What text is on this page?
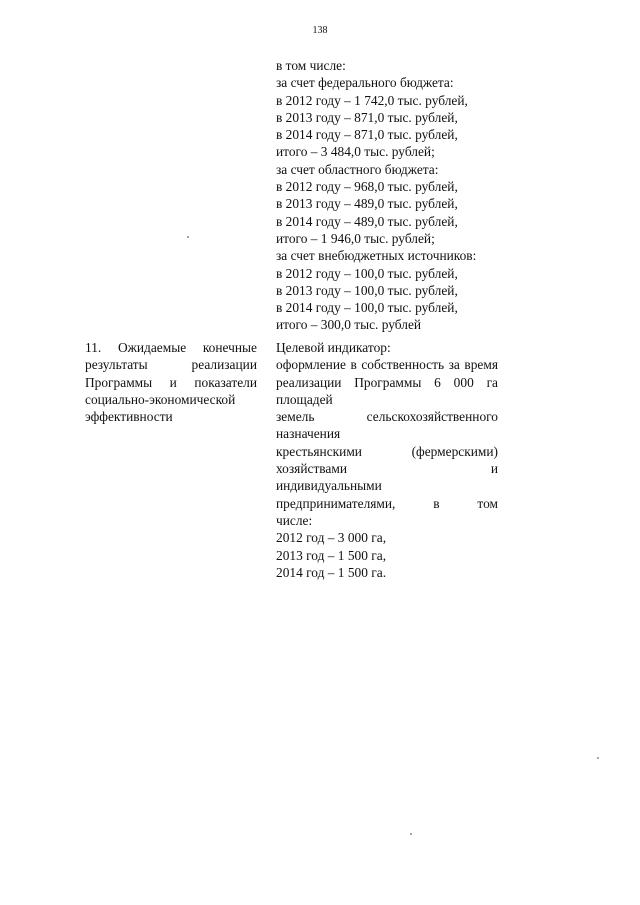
138
в том числе:
за счет федерального бюджета:
в 2012 году – 1 742,0 тыс. рублей,
в 2013 году – 871,0 тыс. рублей,
в 2014 году – 871,0 тыс. рублей,
итого – 3 484,0 тыс. рублей;
за счет областного бюджета:
в 2012 году – 968,0 тыс. рублей,
в 2013 году – 489,0 тыс. рублей,
в 2014 году – 489,0 тыс. рублей,
итого – 1 946,0 тыс. рублей;
за счет внебюджетных источников:
в 2012 году – 100,0 тыс. рублей,
в 2013 году – 100,0 тыс. рублей,
в 2014 году – 100,0 тыс. рублей,
итого – 300,0 тыс. рублей
11. Ожидаемые конечные
результаты реализации
Программы и показатели
социально-экономической
эффективности
Целевой индикатор:
оформление в собственность за время
реализации Программы 6 000 га площадей
земель сельскохозяйственного назначения
крестьянскими (фермерскими) хозяйствами и
индивидуальными предпринимателями, в том
числе:
2012 год – 3 000 га,
2013 год – 1 500 га,
2014 год – 1 500 га.
